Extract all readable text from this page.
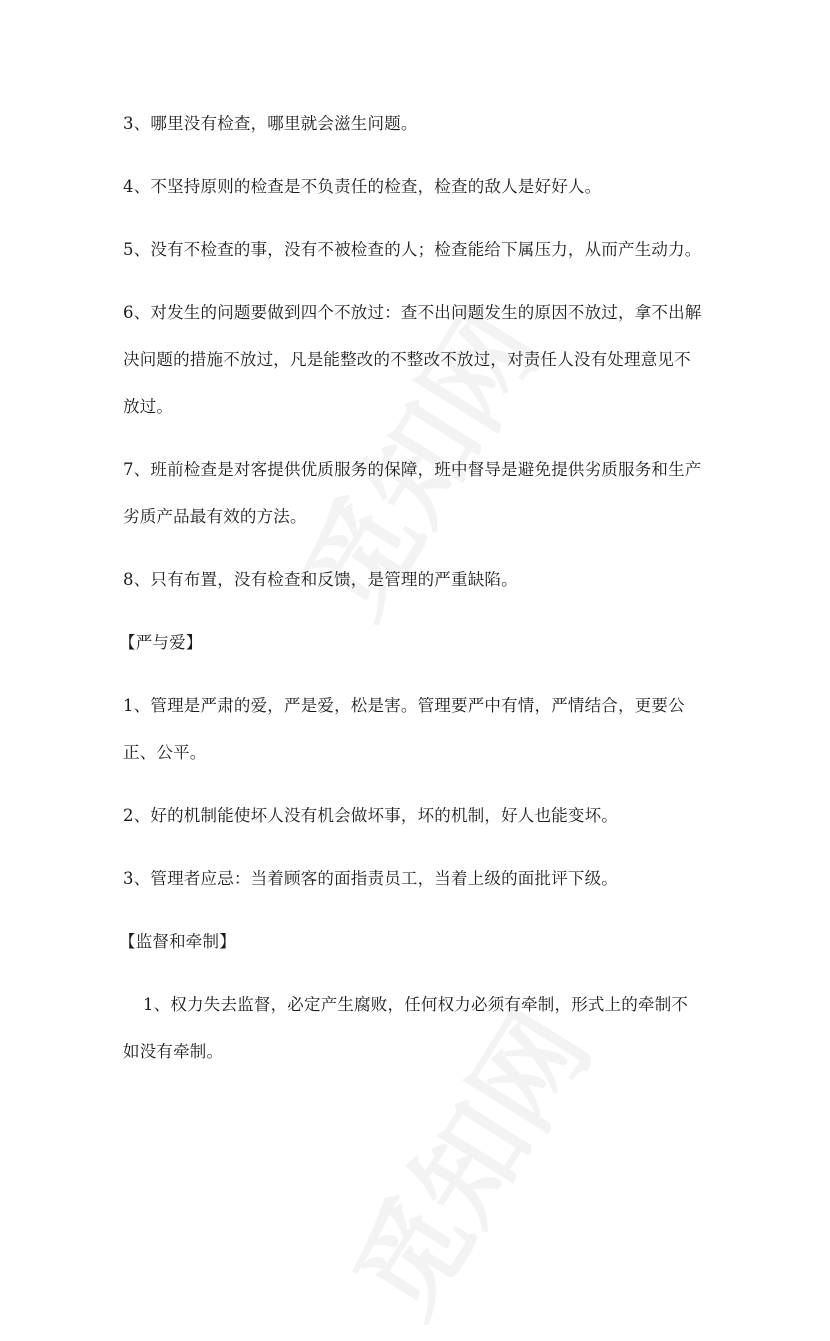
3、哪里没有检查，哪里就会滋生问题。
4、不坚持原则的检查是不负责任的检查，检查的敌人是好好人。
5、没有不检查的事，没有不被检查的人；检查能给下属压力，从而产生动力。
6、对发生的问题要做到四个不放过：查不出问题发生的原因不放过，拿不出解
决问题的措施不放过，凡是能整改的不整改不放过，对责任人没有处理意见不
放过。
7、班前检查是对客提供优质服务的保障，班中督导是避免提供劣质服务和生产
劣质产品最有效的方法。
8、只有布置，没有检查和反馈，是管理的严重缺陷。
【严与爱】
1、管理是严肃的爱，严是爱，松是害。管理要严中有情，严情结合，更要公
正、公平。
2、好的机制能使坏人没有机会做坏事，坏的机制，好人也能变坏。
3、管理者应忌：当着顾客的面指责员工，当着上级的面批评下级。
【监督和牵制】
1、权力失去监督，必定产生腐败，任何权力必须有牵制，形式上的牵制不
如没有牵制。
